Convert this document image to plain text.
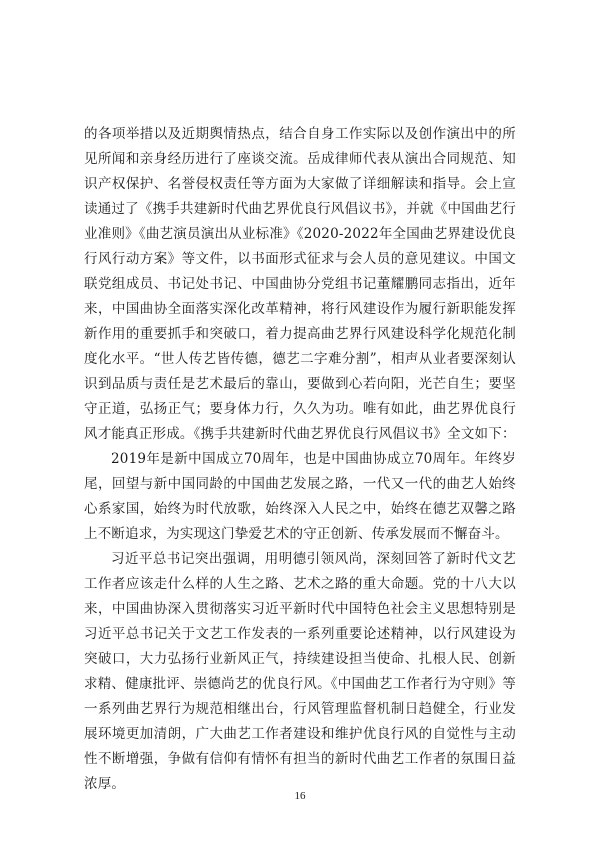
的各项举措以及近期舆情热点，结合自身工作实际以及创作演出中的所见所闻和亲身经历进行了座谈交流。岳成律师代表从演出合同规范、知识产权保护、名誉侵权责任等方面为大家做了详细解读和指导。会上宣读通过了《携手共建新时代曲艺界优良行风倡议书》，并就《中国曲艺行业准则》《曲艺演员演出从业标准》《2020-2022年全国曲艺界建设优良行风行动方案》等文件，以书面形式征求与会人员的意见建议。中国文联党组成员、书记处书记、中国曲协分党组书记董耀鹏同志指出，近年来，中国曲协全面落实深化改革精神，将行风建设作为履行新职能发挥新作用的重要抓手和突破口，着力提高曲艺界行风建设科学化规范化制度化水平。“世人传艺皆传德，德艺二字难分割”，相声从业者要深刻认识到品质与责任是艺术最后的靠山，要做到心若向阳，光芒自生；要坚守正道，弘扬正气；要身体力行，久久为功。唯有如此，曲艺界优良行风才能真正形成。《携手共建新时代曲艺界优良行风倡议书》全文如下：

2019年是新中国成立70周年，也是中国曲协成立70周年。年终岁尾，回望与新中国同龄的中国曲艺发展之路，一代又一代的曲艺人始终心系家国，始终为时代放歌，始终深入人民之中，始终在德艺双馨之路上不断追求，为实现这门挚爱艺术的守正创新、传承发展而不懈奋斗。

习近平总书记突出强调，用明德引领风尚，深刻回答了新时代文艺工作者应该走什么样的人生之路、艺术之路的重大命题。党的十八大以来，中国曲协深入贯彻落实习近平新时代中国特色社会主义思想特别是习近平总书记关于文艺工作发表的一系列重要论述精神，以行风建设为突破口，大力弘扬行业新风正气，持续建设担当使命、扎根人民、创新求精、健康批评、崇德尚艺的优良行风。《中国曲艺工作者行为守则》等一系列曲艺界行为规范相继出台，行风管理监督机制日趋健全，行业发展环境更加清朗，广大曲艺工作者建设和维护优良行风的自觉性与主动性不断增强，争做有信仰有情怀有担当的新时代曲艺工作者的氛围日益浓厚。

16
